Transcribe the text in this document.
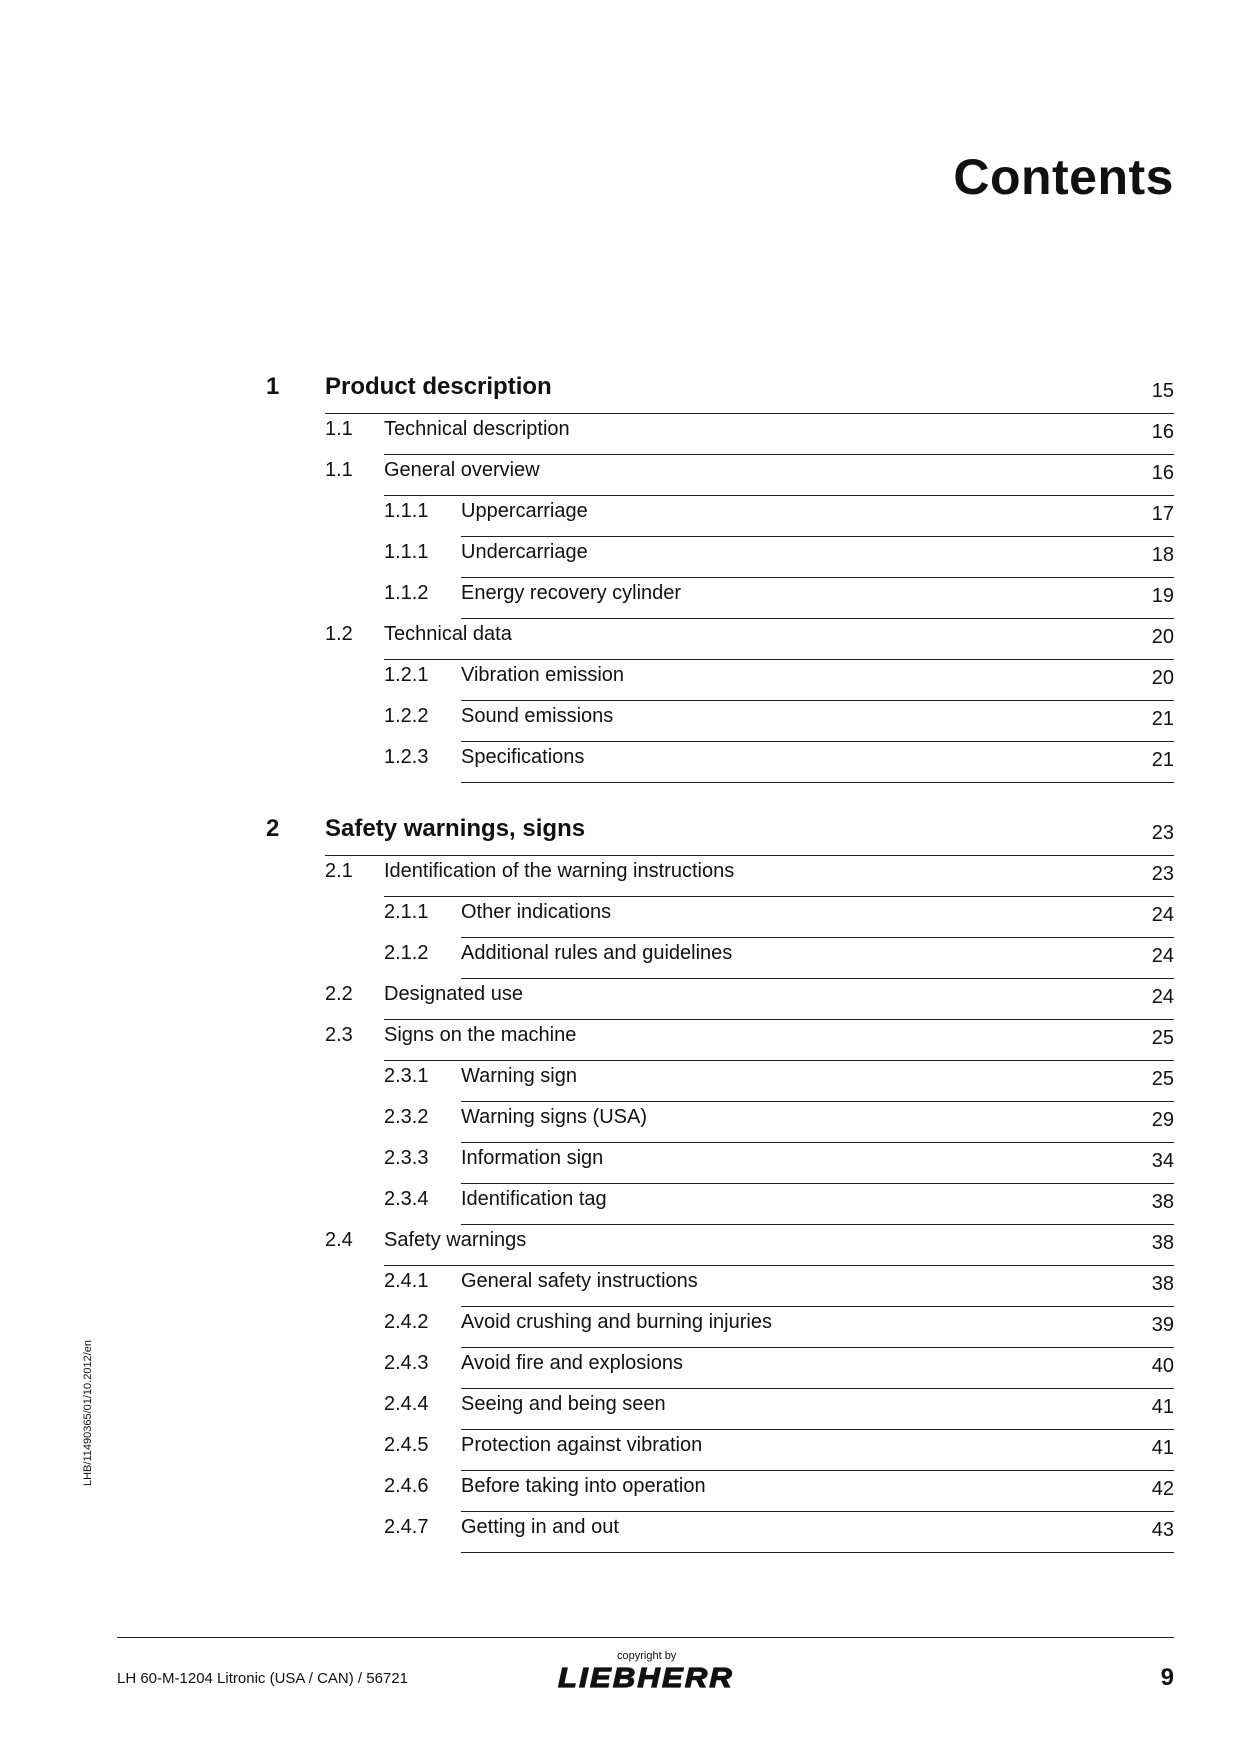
Contents
1 Product description	15
1.1 Technical description	16
1.1 General overview	16
1.1.1 Uppercarriage	17
1.1.1 Undercarriage	18
1.1.2 Energy recovery cylinder	19
1.2 Technical data	20
1.2.1 Vibration emission	20
1.2.2 Sound emissions	21
1.2.3 Specifications	21
2 Safety warnings, signs	23
2.1 Identification of the warning instructions	23
2.1.1 Other indications	24
2.1.2 Additional rules and guidelines	24
2.2 Designated use	24
2.3 Signs on the machine	25
2.3.1 Warning sign	25
2.3.2 Warning signs (USA)	29
2.3.3 Information sign	34
2.3.4 Identification tag	38
2.4 Safety warnings	38
2.4.1 General safety instructions	38
2.4.2 Avoid crushing and burning injuries	39
2.4.3 Avoid fire and explosions	40
2.4.4 Seeing and being seen	41
2.4.5 Protection against vibration	41
2.4.6 Before taking into operation	42
2.4.7 Getting in and out	43
LHB/11490365/01/10.2012/en
LH 60-M-1204 Litronic (USA / CAN) / 56721
copyright by
LIEBHERR	9
